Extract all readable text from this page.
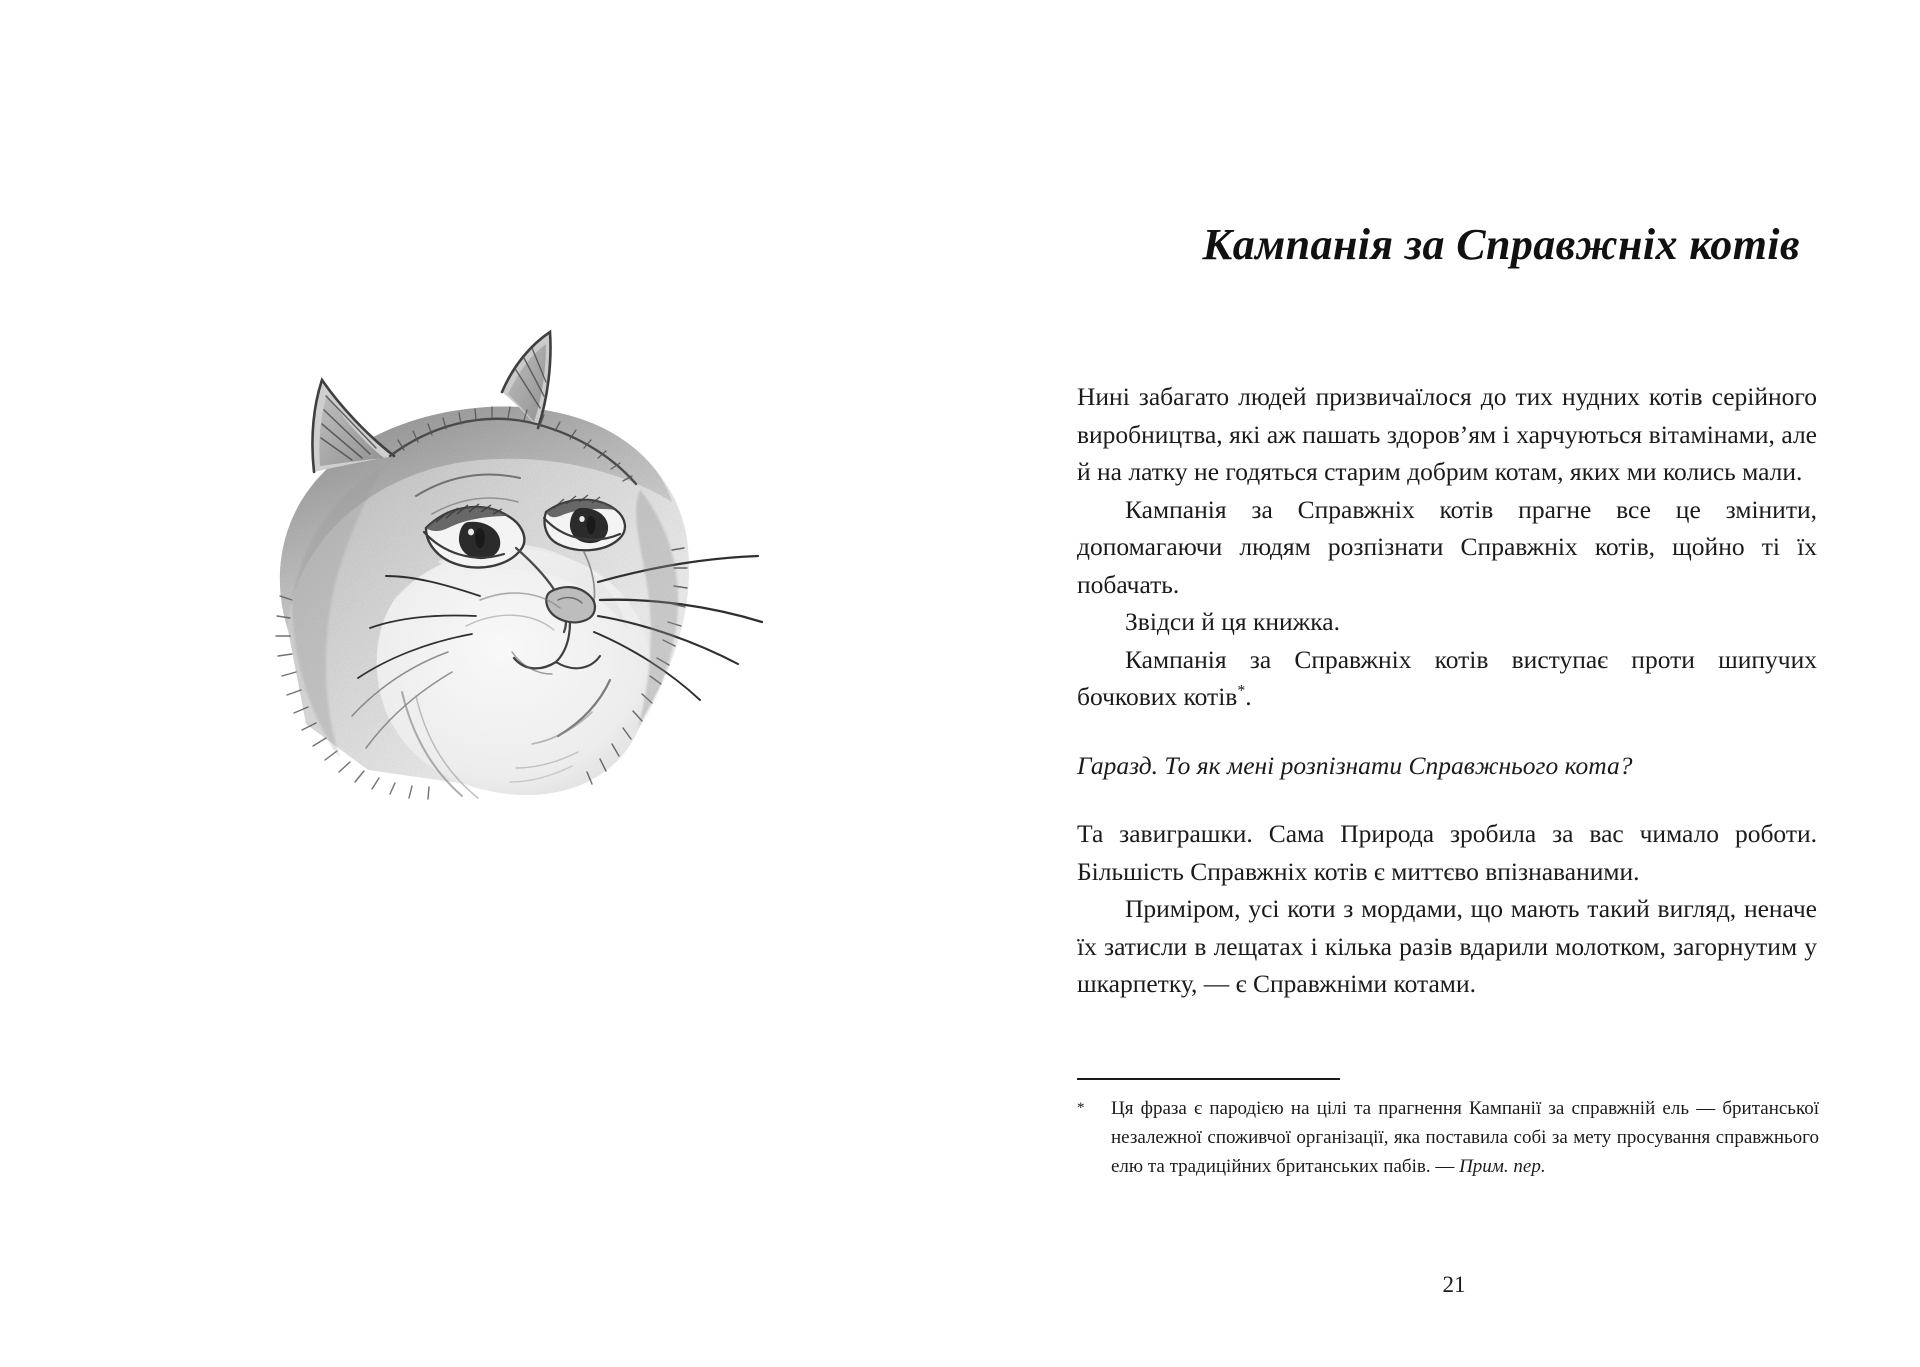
Кампанія за Справжніх котів

Нині забагато людей призвичаїлося до тих нудних котів серійного виробництва, які аж пашать здоров’ям і харчуються вітамінами, але й на латку не годяться старим добрим котам, яких ми колись мали.

Кампанія за Справжніх котів прагне все це змінити, допомагаючи людям розпізнати Справжніх котів, щойно ті їх побачать.

Звідси й ця книжка.

Кампанія за Справжніх котів виступає проти шипучих бочкових котів*.

Гаразд. То як мені розпізнати Справжнього кота?

Та завиграшки. Сама Природа зробила за вас чимало роботи. Більшість Справжніх котів є миттєво впізнаваними.

Приміром, усі коти з мордами, що мають такий вигляд, неначе їх затисли в лещатах і кілька разів вдарили молотком, загорнутим у шкарпетку, — є Справжніми котами.

*	Ця фраза є пародією на цілі та прагнення Кампанії за справжній ель — британської незалежної споживчої організації, яка поставила собі за мету просування справжнього елю та традиційних британських пабів. — Прим. пер.
21
